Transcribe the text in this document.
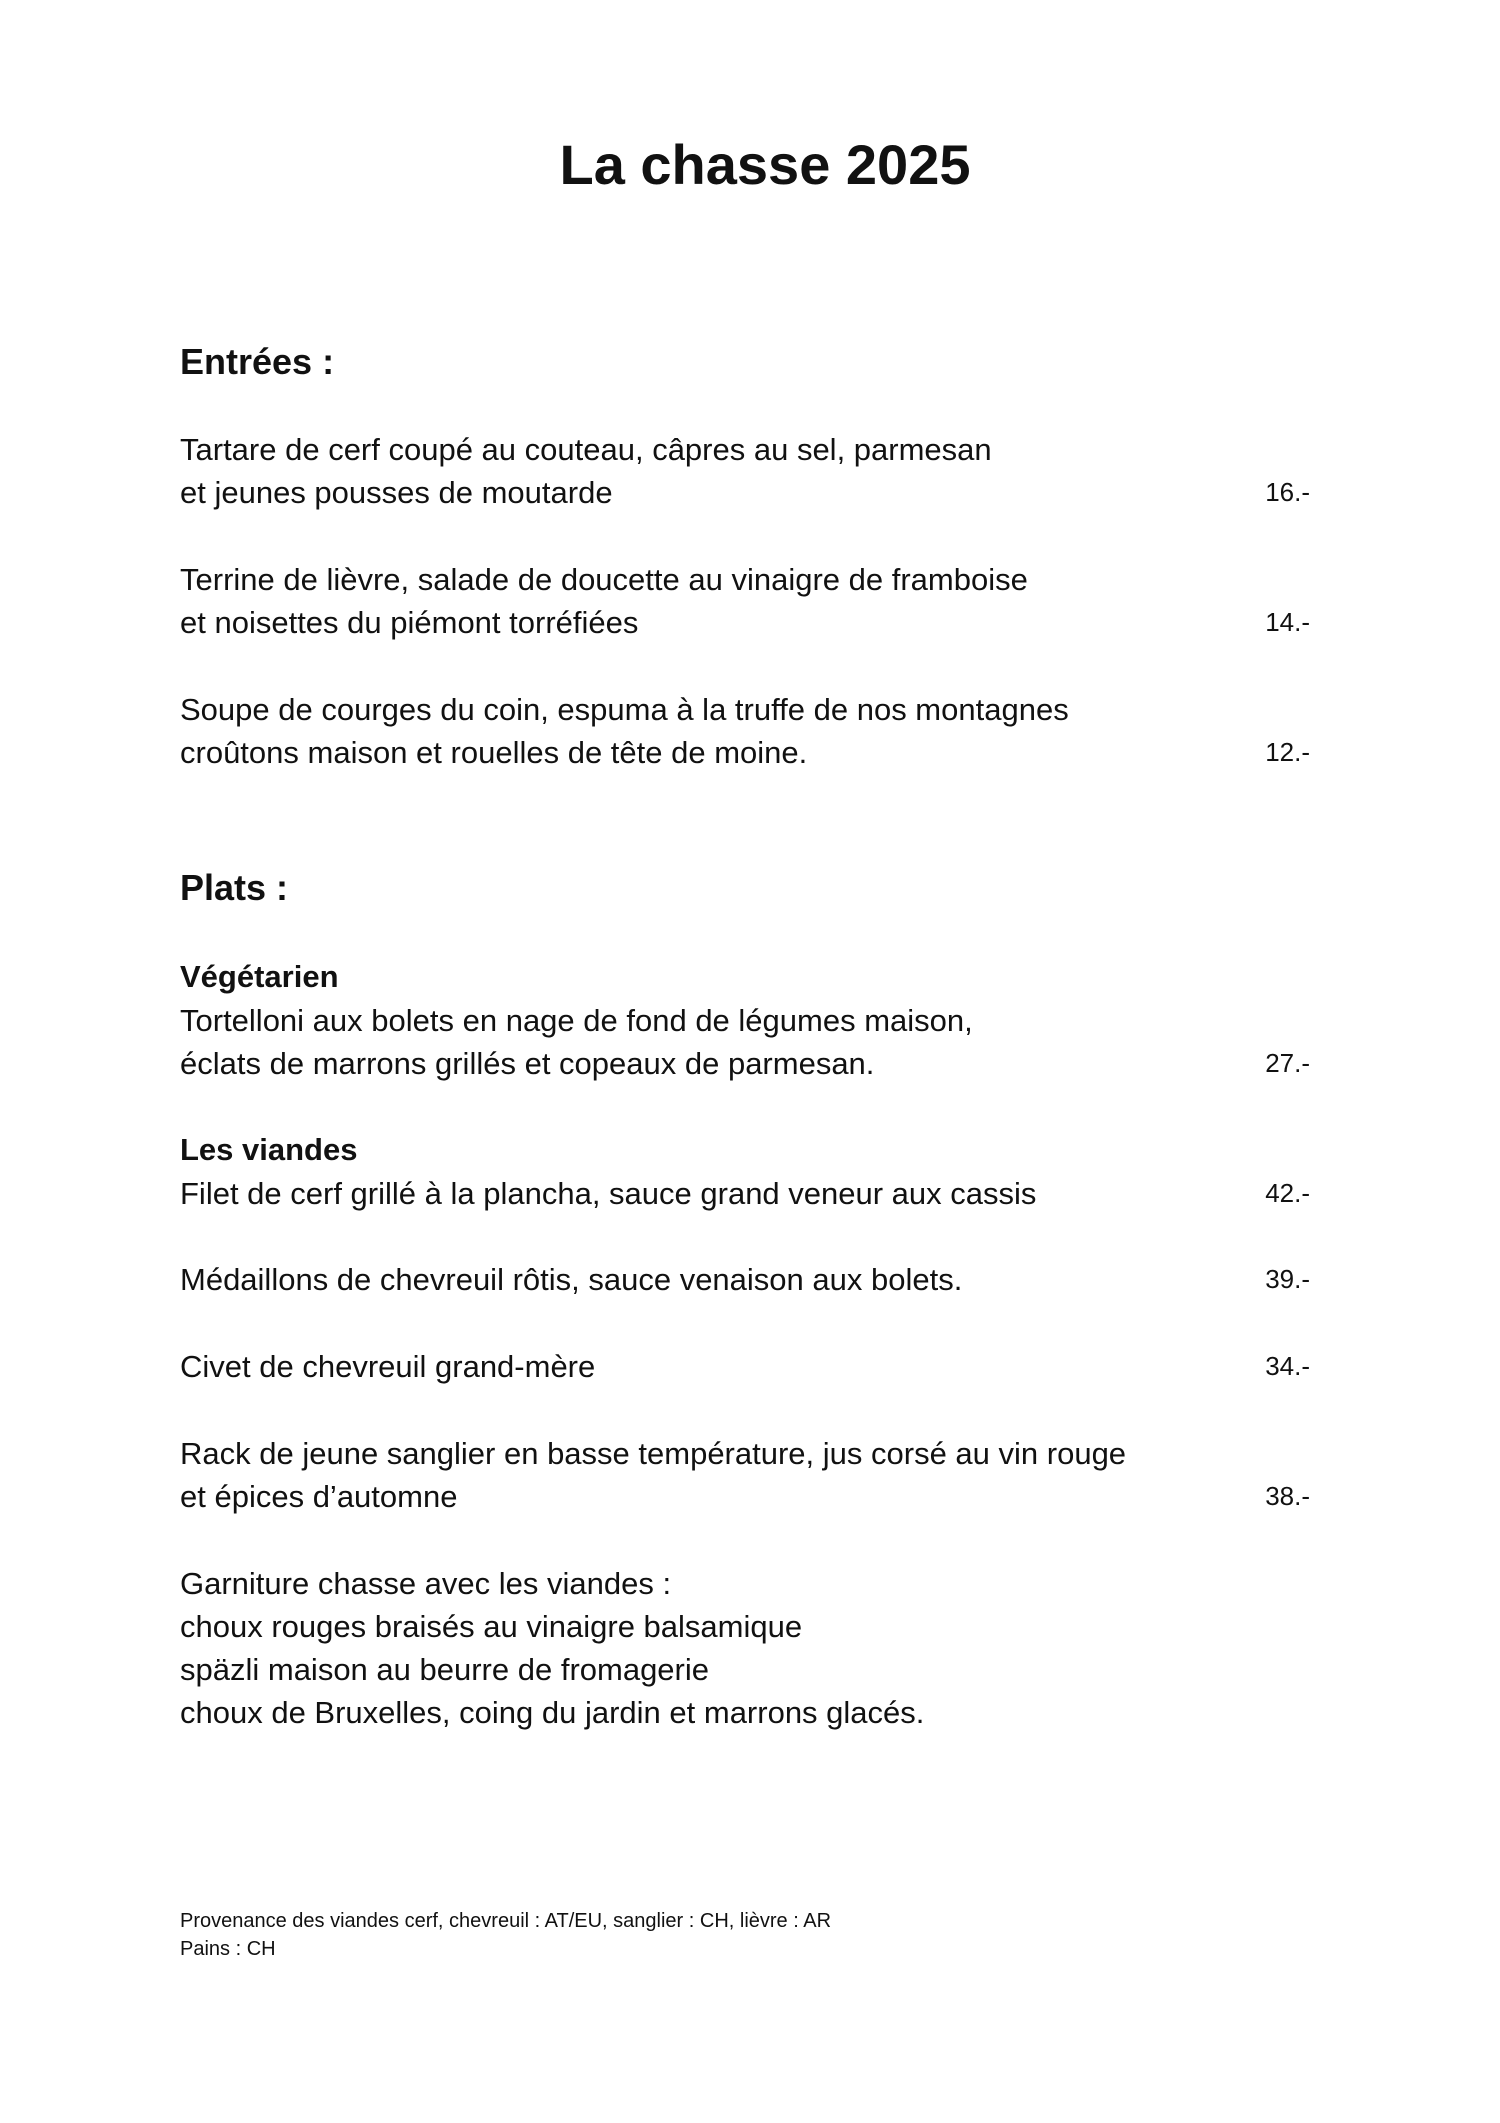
La chasse 2025
Entrées :
Tartare de cerf coupé au couteau, câpres au sel, parmesan
et jeunes pousses de moutarde	16.-
Terrine de lièvre, salade de doucette au vinaigre de framboise
et noisettes du piémont torréfiées	14.-
Soupe de courges du coin, espuma à la truffe de nos montagnes
croûtons maison et rouelles de tête de moine.	12.-
Plats :
Végétarien
Tortelloni aux bolets en nage de fond de légumes maison,
éclats de marrons grillés et copeaux de parmesan.	27.-
Les viandes
Filet de cerf grillé à la plancha, sauce grand veneur aux cassis	42.-
Médaillons de chevreuil rôtis, sauce venaison aux bolets.	39.-
Civet de chevreuil grand-mère	34.-
Rack de jeune sanglier en basse température, jus corsé au vin rouge
et épices d’automne	38.-
Garniture chasse avec les viandes :
choux rouges braisés au vinaigre balsamique
späzli maison au beurre de fromagerie
choux de Bruxelles, coing du jardin et marrons glacés.
Provenance des viandes cerf, chevreuil : AT/EU, sanglier : CH, lièvre : AR
Pains : CH
